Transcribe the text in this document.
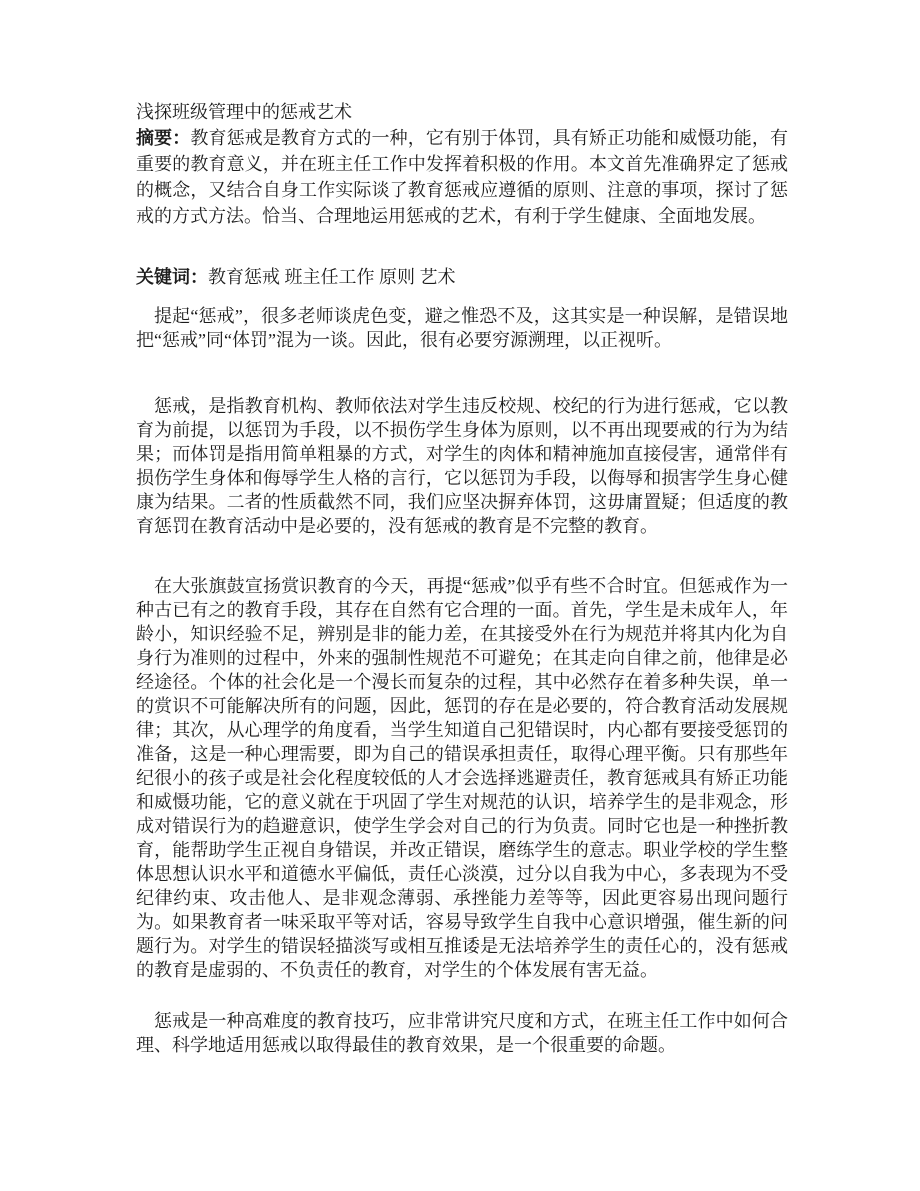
浅探班级管理中的惩戒艺术

摘要：教育惩戒是教育方式的一种，它有别于体罚，具有矫正功能和威慑功能，有重要的教育意义，并在班主任工作中发挥着积极的作用。本文首先准确界定了惩戒的概念，又结合自身工作实际谈了教育惩戒应遵循的原则、注意的事项，探讨了惩戒的方式方法。恰当、合理地运用惩戒的艺术，有利于学生健康、全面地发展。

关键词：教育惩戒 班主任工作 原则 艺术

提起“惩戒”，很多老师谈虎色变，避之惟恐不及，这其实是一种误解，是错误地把“惩戒”同“体罚”混为一谈。因此，很有必要穷源溯理，以正视听。

惩戒，是指教育机构、教师依法对学生违反校规、校纪的行为进行惩戒，它以教育为前提，以惩罚为手段，以不损伤学生身体为原则，以不再出现要戒的行为为结果；而体罚是指用简单粗暴的方式，对学生的肉体和精神施加直接侵害，通常伴有损伤学生身体和侮辱学生人格的言行，它以惩罚为手段，以侮辱和损害学生身心健康为结果。二者的性质截然不同，我们应坚决摒弃体罚，这毋庸置疑；但适度的教育惩罚在教育活动中是必要的，没有惩戒的教育是不完整的教育。

在大张旗鼓宣扬赏识教育的今天，再提“惩戒”似乎有些不合时宜。但惩戒作为一种古已有之的教育手段，其存在自然有它合理的一面。首先，学生是未成年人，年龄小，知识经验不足，辨别是非的能力差，在其接受外在行为规范并将其内化为自身行为准则的过程中，外来的强制性规范不可避免；在其走向自律之前，他律是必经途径。个体的社会化是一个漫长而复杂的过程，其中必然存在着多种失误，单一的赏识不可能解决所有的问题，因此，惩罚的存在是必要的，符合教育活动发展规律；其次，从心理学的角度看，当学生知道自己犯错误时，内心都有要接受惩罚的准备，这是一种心理需要，即为自己的错误承担责任，取得心理平衡。只有那些年纪很小的孩子或是社会化程度较低的人才会选择逃避责任，教育惩戒具有矫正功能和威慑功能，它的意义就在于巩固了学生对规范的认识，培养学生的是非观念，形成对错误行为的趋避意识，使学生学会对自己的行为负责。同时它也是一种挫折教育，能帮助学生正视自身错误，并改正错误，磨练学生的意志。职业学校的学生整体思想认识水平和道德水平偏低，责任心淡漠，过分以自我为中心，多表现为不受纪律约束、攻击他人、是非观念薄弱、承挫能力差等等，因此更容易出现问题行为。如果教育者一味采取平等对话，容易导致学生自我中心意识增强，催生新的问题行为。对学生的错误轻描淡写或相互推诿是无法培养学生的责任心的，没有惩戒的教育是虚弱的、不负责任的教育，对学生的个体发展有害无益。

惩戒是一种高难度的教育技巧，应非常讲究尺度和方式，在班主任工作中如何合理、科学地适用惩戒以取得最佳的教育效果，是一个很重要的命题。
